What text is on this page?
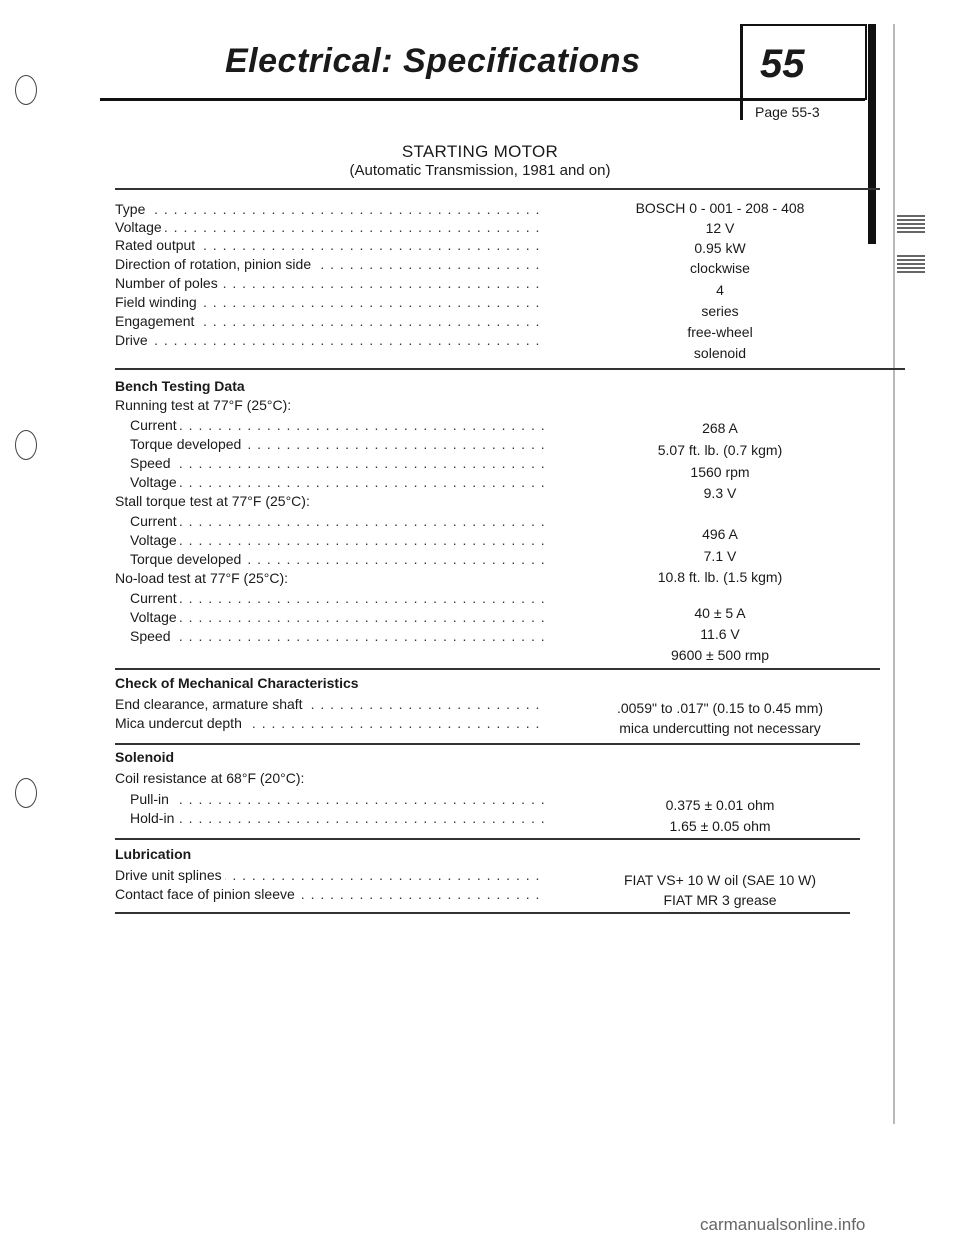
Electrical: Specifications	55
Page 55-3
STARTING MOTOR
(Automatic Transmission, 1981 and on)
Type . . .
Voltage . . .
Rated output . . .
Direction of rotation, pinion side . . .
Number of poles . . .
Field winding . . .
Engagement . . .
Drive . . .
BOSCH 0 - 001 - 208 - 408
12 V
0.95 kW
clockwise
4
series
free-wheel
solenoid
Bench Testing Data
Running test at 77°F (25°C):
Current . . .
Torque developed . . .
Speed . . .
Voltage . . .
268 A
5.07 ft. lb. (0.7 kgm)
1560 rpm
9.3 V
Stall torque test at 77°F (25°C):
Current . . .
Voltage . . .
Torque developed . . .
496 A
7.1 V
10.8 ft. lb. (1.5 kgm)
No-load test at 77°F (25°C):
Current . . .
Voltage . . .
Speed . . .
40 ± 5 A
11.6 V
9600 ± 500 rmp
Check of Mechanical Characteristics
End clearance, armature shaft . . .
Mica undercut depth . . .
.0059" to .017" (0.15 to 0.45 mm)
mica undercutting not necessary
Solenoid
Coil resistance at 68°F (20°C):
Pull-in . . .
Hold-in . . .
0.375 ± 0.01 ohm
1.65 ± 0.05 ohm
Lubrication
Drive unit splines . . .
Contact face of pinion sleeve . . .
FIAT VS+ 10 W oil (SAE 10 W)
FIAT MR 3 grease
carmanualsonline.info
